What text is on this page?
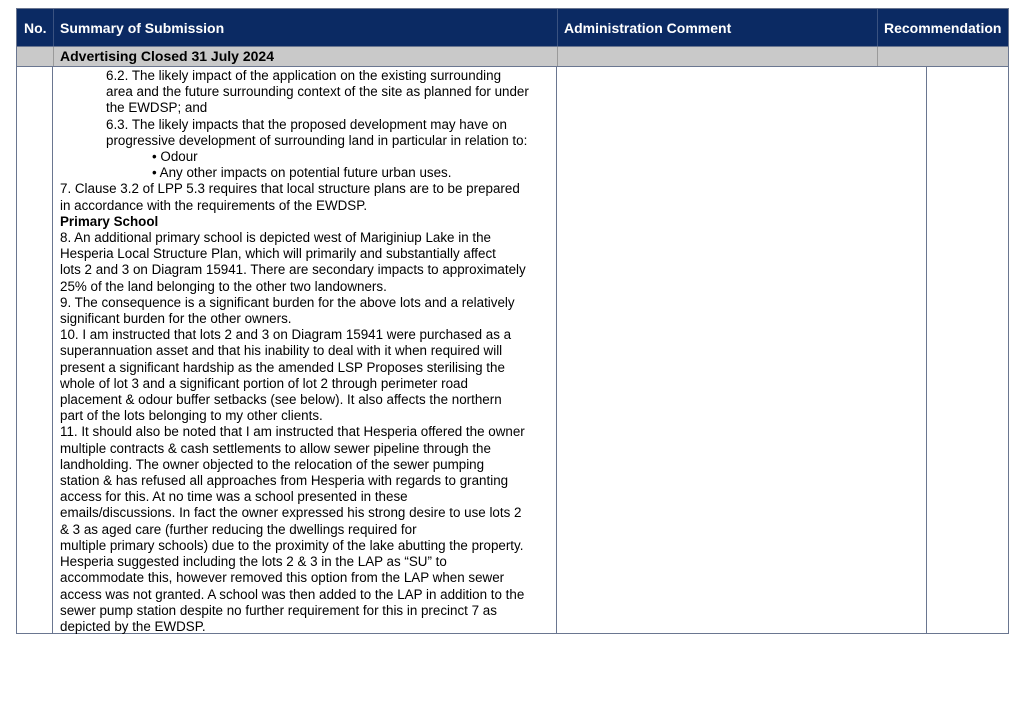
No. Summary of Submission	Administration Comment	Recommendation
Advertising Closed 31 July 2024

6.2. The likely impact of the application on the existing surrounding

area and the future surrounding context of the site as planned for under

the EWDSP; and

6.3. The likely impacts that the proposed development may have on

progressive development of surrounding land in particular in relation to:

• Odour

• Any other impacts on potential future urban uses.

7. Clause 3.2 of LPP 5.3 requires that local structure plans are to be prepared

in accordance with the requirements of the EWDSP.

Primary School

8. An additional primary school is depicted west of Mariginiup Lake in the

Hesperia Local Structure Plan, which will primarily and substantially affect

lots 2 and 3 on Diagram 15941. There are secondary impacts to approximately

25% of the land belonging to the other two landowners.

9. The consequence is a significant burden for the above lots and a relatively

significant burden for the other owners.

10. I am instructed that lots 2 and 3 on Diagram 15941 were purchased as a

superannuation asset and that his inability to deal with it when required will

present a significant hardship as the amended LSP Proposes sterilising the

whole of lot 3 and a significant portion of lot 2 through perimeter road

placement & odour buffer setbacks (see below). It also affects the northern

part of the lots belonging to my other clients.

11. It should also be noted that I am instructed that Hesperia offered the owner

multiple contracts & cash settlements to allow sewer pipeline through the

landholding. The owner objected to the relocation of the sewer pumping

station & has refused all approaches from Hesperia with regards to granting

access for this. At no time was a school presented in these

emails/discussions. In fact the owner expressed his strong desire to use lots 2

& 3 as aged care (further reducing the dwellings required for

multiple primary schools) due to the proximity of the lake abutting the property.

Hesperia suggested including the lots 2 & 3 in the LAP as “SU” to

accommodate this, however removed this option from the LAP when sewer

access was not granted. A school was then added to the LAP in addition to the

sewer pump station despite no further requirement for this in precinct 7 as

depicted by the EWDSP.
